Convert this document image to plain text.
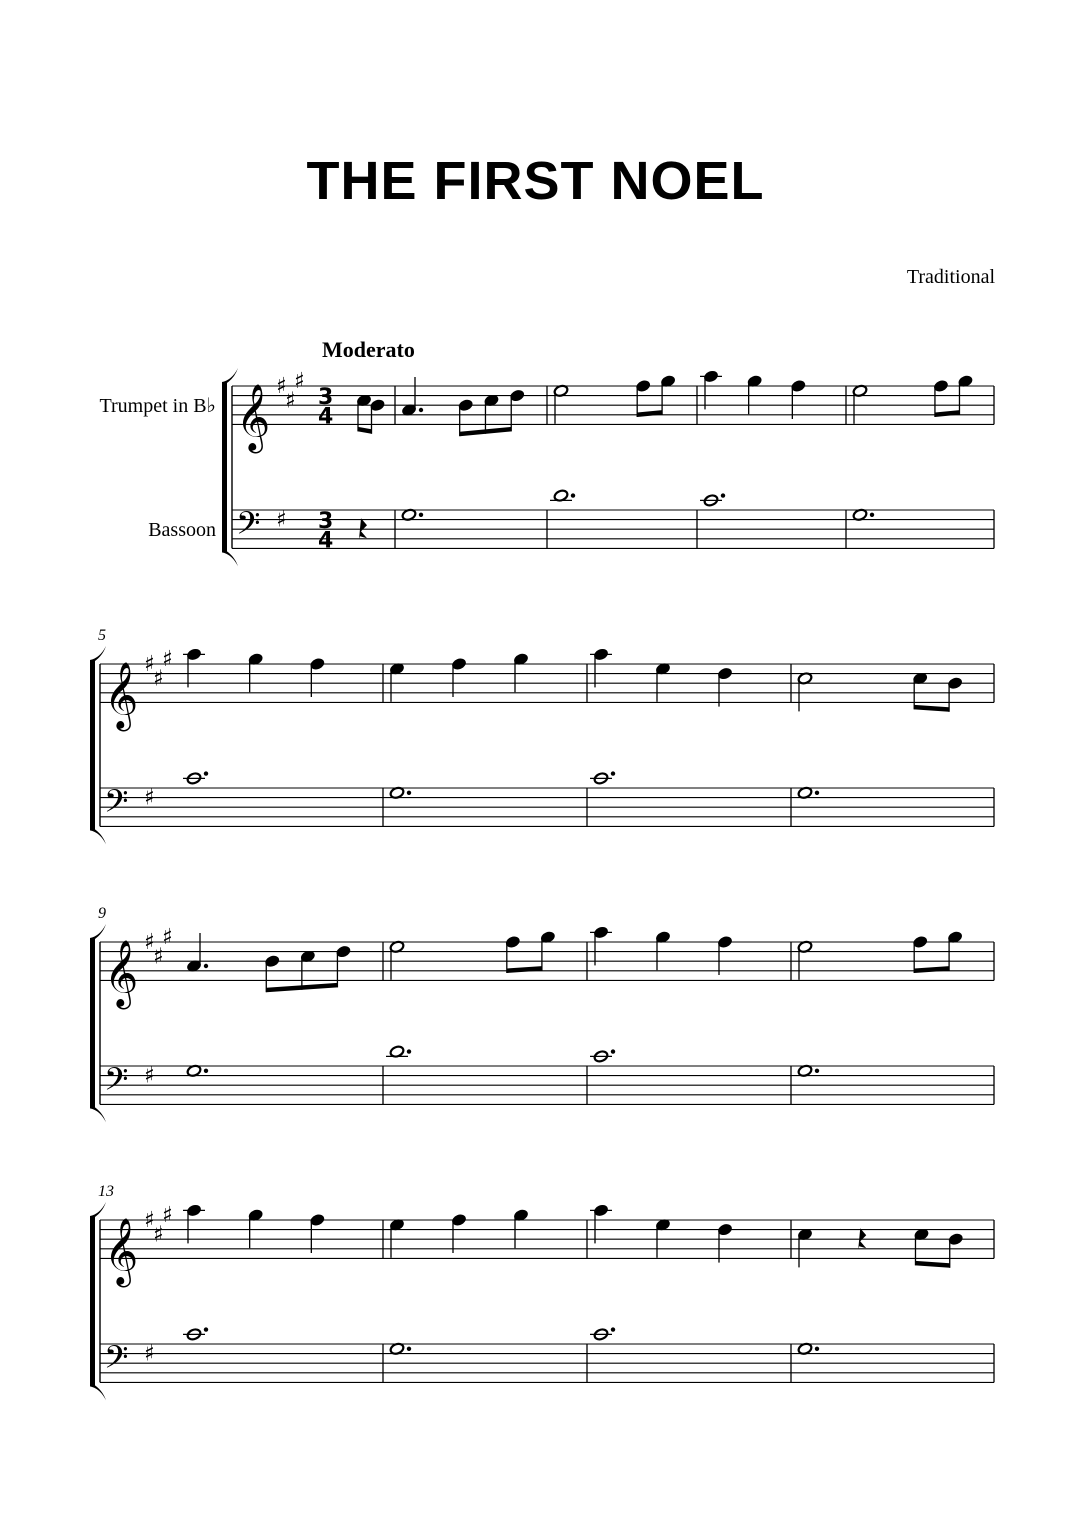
THE FIRST NOEL
Traditional
𝄞
𝄢
♯
♯
♯
♯
3
4
3
4
Trumpet in B♭
Bassoon
Moderato
𝄞
𝄢
♯
♯
♯
♯
5
𝄞
𝄢
♯
♯
♯
♯
9
𝄞
𝄢
♯
♯
♯
♯
13
